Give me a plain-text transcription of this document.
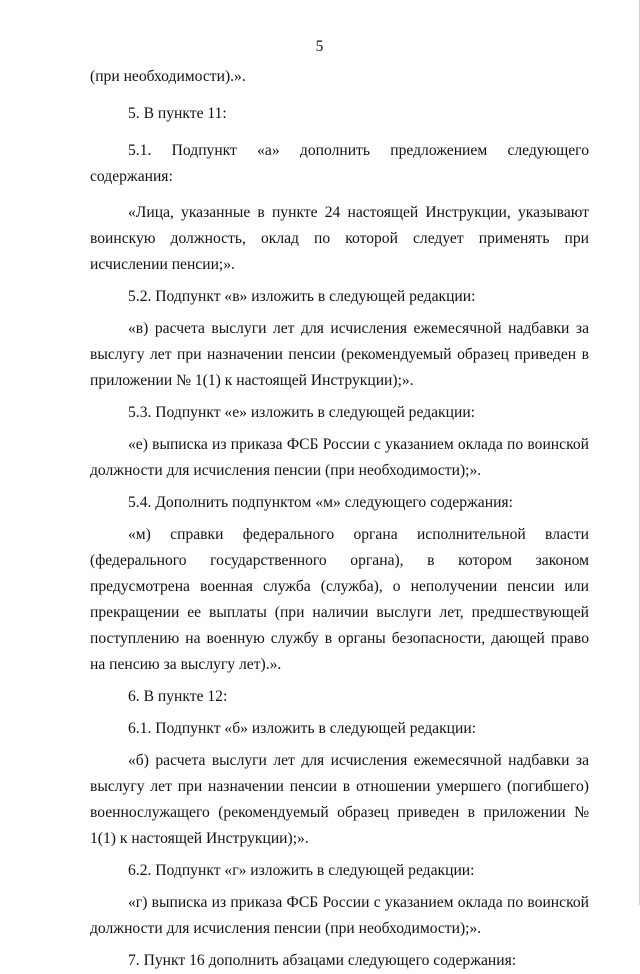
5

(при необходимости).».

5. В пункте 11:

5.1. Подпункт «а» дополнить предложением следующего содержания:

«Лица, указанные в пункте 24 настоящей Инструкции, указывают воинскую должность, оклад по которой следует применять при исчислении пенсии;».

5.2. Подпункт «в» изложить в следующей редакции:

«в) расчета выслуги лет для исчисления ежемесячной надбавки за выслугу лет при назначении пенсии (рекомендуемый образец приведен в приложении № 1(1) к настоящей Инструкции);».

5.3. Подпункт «е» изложить в следующей редакции:

«е) выписка из приказа ФСБ России с указанием оклада по воинской должности для исчисления пенсии (при необходимости);».

5.4. Дополнить подпунктом «м» следующего содержания:

«м) справки федерального органа исполнительной власти (федерального государственного органа), в котором законом предусмотрена военная служба (служба), о неполучении пенсии или прекращении ее выплаты (при наличии выслуги лет, предшествующей поступлению на военную службу в органы безопасности, дающей право на пенсию за выслугу лет).».

6. В пункте 12:

6.1. Подпункт «б» изложить в следующей редакции:

«б) расчета выслуги лет для исчисления ежемесячной надбавки за выслугу лет при назначении пенсии в отношении умершего (погибшего) военнослужащего (рекомендуемый образец приведен в приложении № 1(1) к настоящей Инструкции);».

6.2. Подпункт «г» изложить в следующей редакции:

«г) выписка из приказа ФСБ России с указанием оклада по воинской должности для исчисления пенсии (при необходимости);».

7. Пункт 16 дополнить абзацами следующего содержания:
